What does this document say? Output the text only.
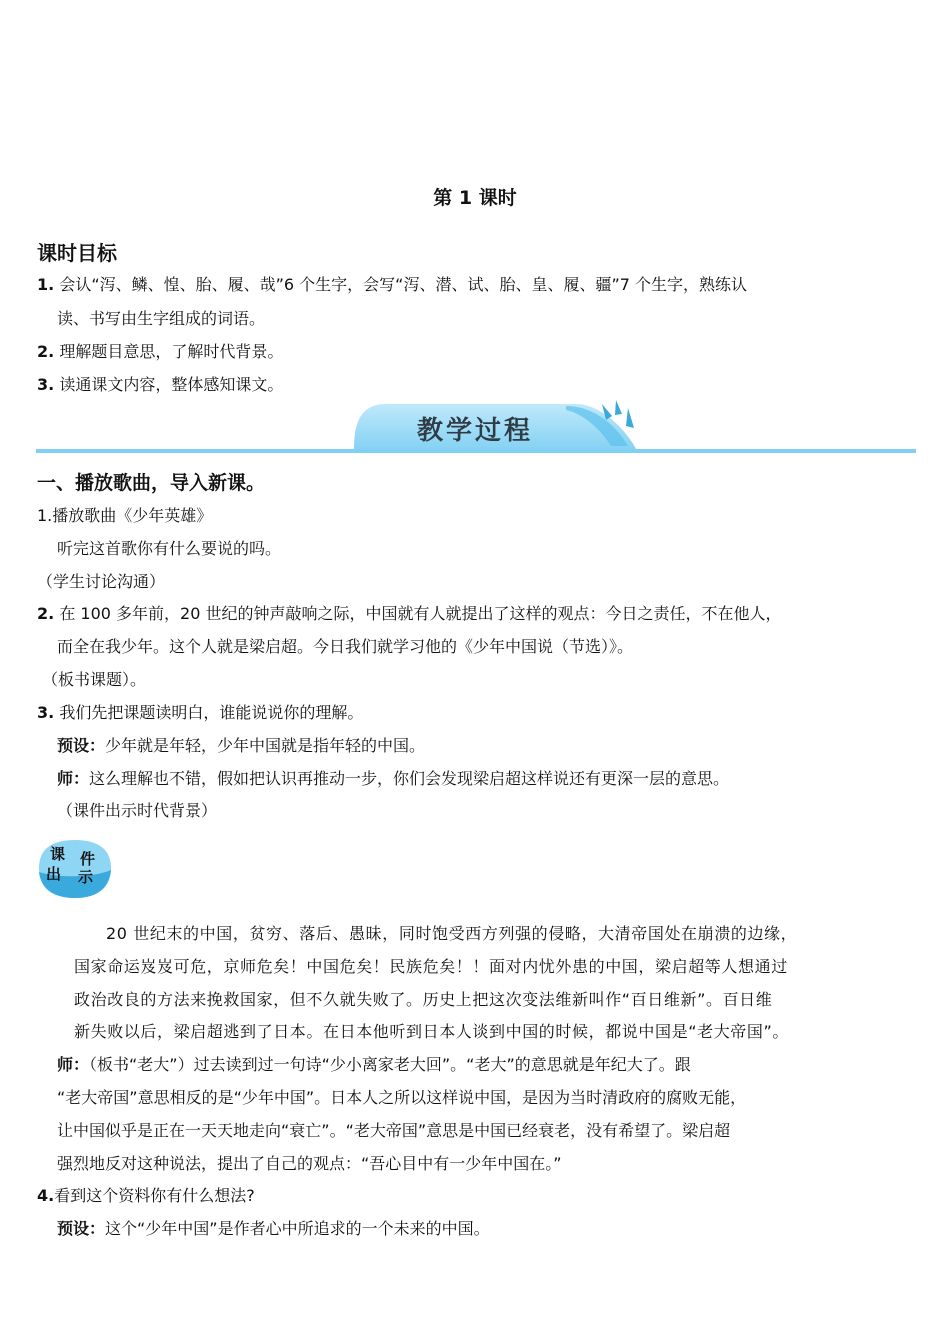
第 1 课时
课时目标
1. 会认“泻、鳞、惶、胎、履、哉”6 个生字，会写“泻、潜、试、胎、皇、履、疆”7 个生字，熟练认
读、书写由生字组成的词语。
2. 理解题目意思，了解时代背景。
3. 读通课文内容，整体感知课文。
教学过程
一、播放歌曲，导入新课。
1.播放歌曲《少年英雄》
听完这首歌你有什么要说的吗。
（学生讨论沟通）
2. 在 100 多年前，20 世纪的钟声敲响之际，中国就有人就提出了这样的观点：今日之责任，不在他人，
而全在我少年。这个人就是梁启超。今日我们就学习他的《少年中国说（节选）》。
（板书课题）。
3. 我们先把课题读明白，谁能说说你的理解。
预设：少年就是年轻，少年中国就是指年轻的中国。
师：这么理解也不错，假如把认识再推动一步，你们会发现梁启超这样说还有更深一层的意思。
（课件出示时代背景）
课 件
出 示
20 世纪末的中国，贫穷、落后、愚昧，同时饱受西方列强的侵略，大清帝国处在崩溃的边缘，
国家命运岌岌可危，京师危矣！中国危矣！民族危矣！！面对内忧外患的中国，梁启超等人想通过
政治改良的方法来挽救国家，但不久就失败了。历史上把这次变法维新叫作“百日维新”。百日维
新失败以后，梁启超逃到了日本。在日本他听到日本人谈到中国的时候，都说中国是“老大帝国”。
师：（板书“老大”）过去读到过一句诗“少小离家老大回”。“老大”的意思就是年纪大了。跟
“老大帝国”意思相反的是“少年中国”。日本人之所以这样说中国，是因为当时清政府的腐败无能，
让中国似乎是正在一天天地走向“衰亡”。“老大帝国”意思是中国已经衰老，没有希望了。梁启超
强烈地反对这种说法，提出了自己的观点：“吾心目中有一少年中国在。”
4.看到这个资料你有什么想法?
预设：这个“少年中国”是作者心中所追求的一个未来的中国。
